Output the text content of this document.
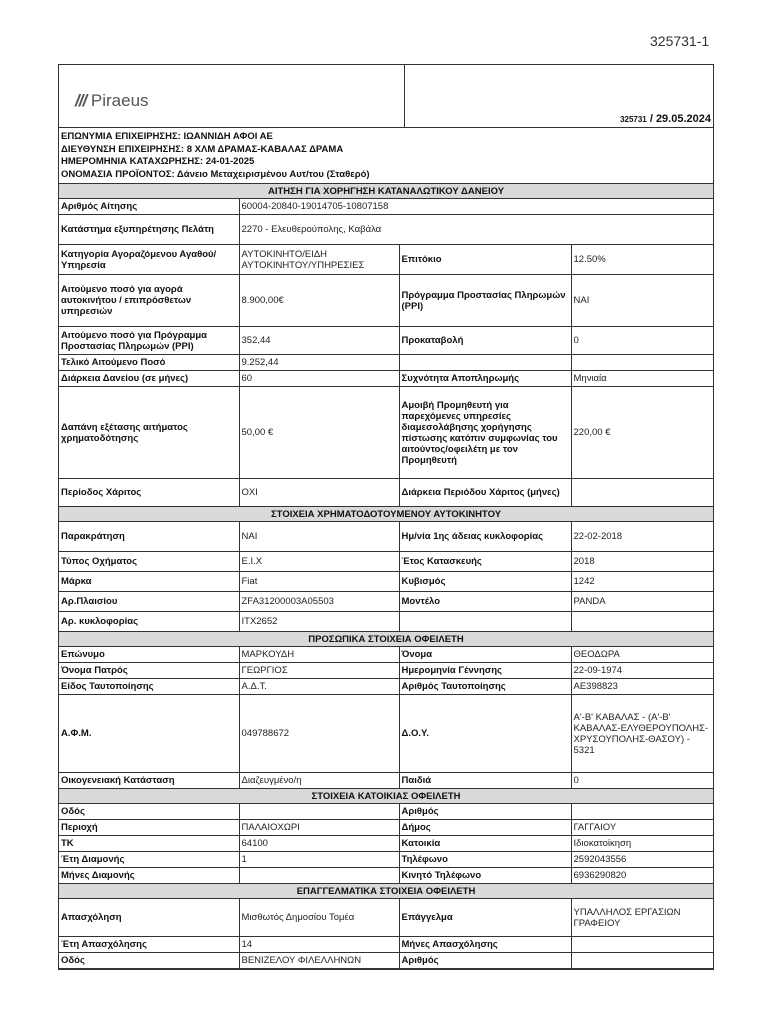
325731-1
/// Piraeus
325731 / 29.05.2024
ΕΠΩΝΥΜΙΑ ΕΠΙΧΕΙΡΗΣΗΣ: ΙΩΑΝΝΙΔΗ ΑΦΟΙ ΑΕ
ΔΙΕΥΘΥΝΣΗ ΕΠΙΧΕΙΡΗΣΗΣ: 8 ΧΛΜ ΔΡΑΜΑΣ-ΚΑΒΑΛΑΣ ΔΡΑΜΑ
ΗΜΕΡΟΜΗΝΙΑ ΚΑΤΑΧΩΡΗΣΗΣ: 24-01-2025
ΟΝΟΜΑΣΙΑ ΠΡΟΪΟΝΤΟΣ: Δάνειο Μεταχειρισμένου Αυτ/του (Σταθερό)
ΑΙΤΗΣΗ ΓΙΑ ΧΟΡΗΓΗΣΗ ΚΑΤΑΝΑΛΩΤΙΚΟΥ ΔΑΝΕΙΟΥ			
Αριθμός Αίτησης	60004-20840-19014705-10807158		
Κατάστημα εξυπηρέτησης Πελάτη	2270 - Ελευθερούπολης, Καβάλα		
Κατηγορία Αγοραζόμενου Αγαθού/Υπηρεσία	ΑΥΤΟΚΙΝΗΤΟ/ΕΙΔΗ ΑΥΤΟΚΙΝΗΤΟΥ/ΥΠΗΡΕΣΙΕΣ	Επιτόκιο	12.50%
Αιτούμενο ποσό για αγορά αυτοκινήτου / επιπρόσθετων υπηρεσιών	8.900,00€	Πρόγραμμα Προστασίας Πληρωμών (PPI)	ΝΑΙ
Αιτούμενο ποσό για Πρόγραμμα Προστασίας Πληρωμών (PPI)	352,44	Προκαταβολή	0
Τελικό Αιτούμενο Ποσό	9.252,44		
Διάρκεια Δανείου (σε μήνες)	60	Συχνότητα Αποπληρωμής	Μηνιαία
Δαπάνη εξέτασης αιτήματος χρηματοδότησης	50,00 €	Αμοιβή Προμηθευτή για παρεχόμενες υπηρεσίες διαμεσολάβησης χορήγησης πίστωσης κατόπιν συμφωνίας του αιτούντος/οφειλέτη με τον Προμηθευτή	220,00 €
Περίοδος Χάριτος	ΟΧΙ	Διάρκεια Περιόδου Χάριτος (μήνες)	
ΣΤΟΙΧΕΙΑ ΧΡΗΜΑΤΟΔΟΤΟΥΜΕΝΟΥ ΑΥΤΟΚΙΝΗΤΟΥ			
Παρακράτηση	ΝΑΙ	Ημ/νία 1ης άδειας κυκλοφορίας	22-02-2018
Τύπος Οχήματος	Ε.Ι.Χ	Έτος Κατασκευής	2018
Μάρκα	Fiat	Κυβισμός	1242
Αρ.Πλαισίου	ZFA31200003A05503	Μοντέλο	PANDA
Αρ. κυκλοφορίας	ΙΤΧ2652		
ΠΡΟΣΩΠΙΚΑ ΣΤΟΙΧΕΙΑ ΟΦΕΙΛΕΤΗ			
Επώνυμο	ΜΑΡΚΟΥΔΗ	Όνομα	ΘΕΟΔΩΡΑ
Όνομα Πατρός	ΓΕΩΡΓΙΟΣ	Ημερομηνία Γέννησης	22-09-1974
Είδος Ταυτοποίησης	Α.Δ.Τ.	Αριθμός Ταυτοποίησης	ΑΕ398823
Α.Φ.Μ.	049788672	Δ.Ο.Υ.	Α'-Β' ΚΑΒΑΛΑΣ - (Α'-Β' ΚΑΒΑΛΑΣ-ΕΛΥΘΕΡΟΥΠΟΛΗΣ-ΧΡΥΣΟΥΠΟΛΗΣ-ΘΑΣΟΥ) - 5321
Οικογενειακή Κατάσταση	Διαζευγμένο/η	Παιδιά	0
ΣΤΟΙΧΕΙΑ ΚΑΤΟΙΚΙΑΣ ΟΦΕΙΛΕΤΗ			
Οδός		Αριθμός	
Περιοχή	ΠΑΛΑΙΟΧΩΡΙ	Δήμος	ΓΑΓΓΑΙΟΥ
ΤΚ	64100	Κατοικία	Ιδιοκατοίκηση
Έτη Διαμονής	1	Τηλέφωνο	2592043556
Μήνες Διαμονής		Κινητό Τηλέφωνο	6936290820
ΕΠΑΓΓΕΛΜΑΤΙΚΑ ΣΤΟΙΧΕΙΑ ΟΦΕΙΛΕΤΗ			
Απασχόληση	Μισθωτός Δημοσίου Τομέα	Επάγγελμα	ΥΠΑΛΛΗΛΟΣ ΕΡΓΑΣΙΩΝ ΓΡΑΦΕΙΟΥ
Έτη Απασχόλησης	14	Μήνες Απασχόλησης	
Οδός	ΒΕΝΙΖΕΛΟΥ ΦΙΛΕΛΛΗΝΩΝ	Αριθμός	
